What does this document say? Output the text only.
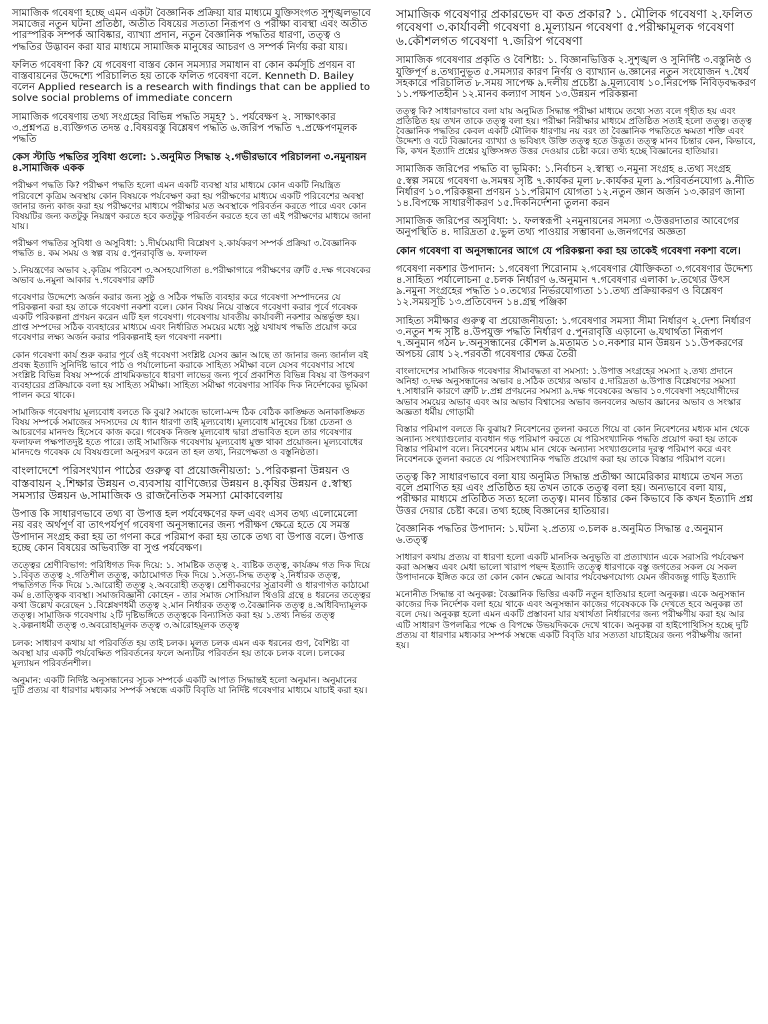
সামাজিক গবেষণা হচ্ছে এমন একটা বৈজ্ঞানিক প্রক্রিয়া যার মাধ্যমে যুক্তিসংগত সুশৃঙ্খলভাবে সমাজের নতুন ঘটনা প্রতিষ্ঠা, অতীত বিষয়ের সত্যতা নিরূপণ ও পরীক্ষা ব্যবস্থা এবং অতীত পারস্পরিক সম্পর্ক আবিষ্কার, ব্যাখ্যা প্রদান, নতুন বৈজ্ঞানিক পদ্ধতির ধারণা, তত্ত্ব ও পদ্ধতির উদ্ভাবন করা যার মাধ্যমে সামাজিক মানুষের আচরণ ও সম্পর্ক নির্ণয় করা যায়।

ফলিত গবেষণা কি? যে গবেষণা বাস্তব কোন সমস্যার সমাধান বা কোন কর্মসূচি প্রণয়ন বা বাস্তবায়নের উদ্দেশ্যে পরিচালিত হয় তাকে ফলিত গবেষণা বলে. Kenneth D. Bailey বলেন Applied research is a research with findings that can be applied to solve social problems of immediate concern

সামাজিক গবেষণায় তথ্য সংগ্রহের বিভিন্ন পদ্ধতি সমূহ? ১. পর্যবেক্ষণ ২. সাক্ষাৎকার ৩.প্রশ্নপত্র ৪.ব্যক্তিগত তদন্ত ৫.বিষয়বস্তু বিশ্লেষণ পদ্ধতি ৬.জরিপ পদ্ধতি ৭.প্রক্ষেপণমূলক পদ্ধতি

কেস স্টাডি পদ্ধতির সুবিধা গুলো: ১.অনুমিত সিদ্ধান্ত ২.গভীরভাবে পরিচালনা ৩.নমুনায়ন ৪.সামাজিক একক

পরীক্ষণ পদ্ধতি কি? পরীক্ষণ পদ্ধতি হলো এমন একটি ব্যবস্থা যার মাধ্যমে কোন একটি নিয়ন্ত্রিত পরিবেশে কৃত্রিম অবস্থায় কোন বিষয়কে পর্যবেক্ষণ করা হয় পরীক্ষণের মাধ্যমে একটি পরিবেশের অবস্থা জানার জন্য কাজ করা হয় পরীক্ষণের মাধ্যমে পরীক্ষার মত অবস্থাকে পরিবর্তন করতে পারে এবং কোন বিষয়টির জন্য কতটুকু নিয়ন্ত্রণ করতে হবে কতটুকু পরিবর্তন করতে হবে তা এই পরীক্ষণের মাধ্যমে জানা যায়।

পরীক্ষণ পদ্ধতির সুবিধা ও অসুবিধা: ১.দীর্ঘমেয়াদী বিশ্লেষণ ২.কার্যকরণ সম্পর্ক প্রক্রিয়া ৩.বৈজ্ঞানিক পদ্ধতি ৪. কম সময় ও স্বল্প ব্যয় ৫.পুনরাবৃত্তি ৬. ফলাফল

১.নিয়ন্ত্রণের অভাব ২.কৃত্রিম পরিবেশ ৩.অসহযোগিতা ৪.পরীক্ষাগারে পরীক্ষণের ত্রুটি ৫.দক্ষ গবেষকের অভাব ৬.নমুনা আকার ৭.গবেষণার ত্রুটি

গবেষণার উদ্দেশ্যে অর্জন করার জন্য সুষ্ঠু ও সঠিক পদ্ধতি ব্যবহার করে গবেষণা সম্পাদনের যে পরিকল্পনা করা হয় তাকে গবেষণা নকশা বলে। কোন বিষয় নিয়ে বাস্তবে গবেষণা করার পূর্বে গবেষক একটি পরিকল্পনা প্রণয়ন করেন এটি হল গবেষণা। গবেষণায় যাবতীয় কার্যাবলী নকশার অন্তর্ভুক্ত হয়। প্রাপ্ত সম্পদের সঠিক ব্যবহারের মাধ্যমে এবং নির্ধারিত সময়ের মধ্যে সুষ্ঠু যথাযথ পদ্ধতি প্রয়োগ করে গবেষণার লক্ষ্য অর্জন করার পরিকল্পনাই হল গবেষণা নকশা।

কোন গবেষণা কার্য শুরু করার পূর্বে ওই গবেষণা সংশ্লিষ্ট যেসব জ্ঞান আছে তা জানার জন্য জার্নাল বই প্রবন্ধ ইত্যাদি সুনির্দিষ্ট ভাবে পাঠ ও পর্যালোচনা করাকে সাহিত্য সমীক্ষা বলে যেসব গবেষণার সাথে সংশ্লিষ্ট বিভিন্ন বিষয় সম্পর্কে প্রাথমিকভাবে ধারণা লাভের জন্য পূর্বে প্রকাশিত বিভিন্ন বিষয় বা উপকরণ ব্যবহারের প্রক্রিয়াকে বলা হয় সাহিত্য সমীক্ষা। সাহিত্য সমীক্ষা গবেষণার সার্বিক দিক নির্দেশকের ভূমিকা পালন করে থাকে।

সামাজিক গবেষণায় মূল্যবোধ বলতে কি বুঝ? সমাজে ভালো-মন্দ ঠিক বেঠিক কাঙ্ক্ষিত অনাকাঙ্ক্ষিত বিষয় সম্পর্কে সমাজের সদস্যদের যে ধ্যান ধারণা তাই মূল্যবোধ। মূল্যবোধ মানুষের চিন্তা চেতনা ও আচরণের মানদণ্ড হিসেবে কাজ করে। গবেষক নিজস্ব মূল্যবোধ দ্বারা প্রভাবিত হলে তার গবেষণার ফলাফল পক্ষপাতদুষ্ট হতে পারে। তাই সামাজিক গবেষণায় মূল্যবোধ মুক্ত থাকা প্রয়োজন। মূল্যবোধের মানদণ্ডে গবেষক যে বিষয়গুলো অনুসরণ করেন তা হল তথ্য, নিরপেক্ষতা ও বস্তুনিষ্ঠতা।

বাংলাদেশে পরিসংখ্যান পাঠের গুরুত্ব বা প্রয়োজনীয়তা: ১.পরিকল্পনা উন্নয়ন ও বাস্তবায়ন ২.শিক্ষার উন্নয়ন ৩.ব্যবসায় বাণিজ্যের উন্নয়ন ৪.কৃষির উন্নয়ন ৫.স্বাস্থ্য সমস্যার উন্নয়ন ৬.সামাজিক ও রাজনৈতিক সমস্যা মোকাবেলায়

উপাত্ত কি সাধারণভাবে তথ্য বা উপাত্ত হল পর্যবেক্ষণের ফল এবং এসব তথ্য এলোমেলো নয় বরং অর্থপূর্ণ বা তাৎপর্যপূর্ণ গবেষণা অনুসন্ধানের জন্য পরীক্ষণ ক্ষেত্রে হতে যে সমস্ত উপাদান সংগ্রহ করা হয় তা গণনা করে পরিমাপ করা হয় তাকে তথ্য বা উপাত্ত বলে। উপাত্ত হচ্ছে কোন বিষয়ের অভিব্যক্তি বা সুপ্ত পর্যবেক্ষণ।

তত্ত্বের শ্রেণীবিভাগ: পরিধিগত দিক দিয়ে: ১. সামষ্টিক তত্ত্ব ২. ব্যষ্টিক তত্ত্ব, কার্যক্রম গত দিক দিয়ে ১.বিবৃত তত্ত্ব ২.গতিশীল তত্ত্ব, কাঠামোগত দিক দিয়ে ১.সত্য-সিদ্ধ তত্ত্ব ২.নিৰ্ধারক তত্ত্ব, পদ্ধতিগত দিক দিয়ে ১.আরোহী তত্ত্ব ২.অবরোহী তত্ত্ব। শ্রেণীকরণের সুত্রাবলী ও ধারণাগত কাঠামো কর্ম ৪.তাত্ত্বিক ব্যবস্থা। সমাজবিজ্ঞানী কোহেন - তার সমাজ সোসিয়াল থিওরি গ্রন্থে ৪ ধরনের তত্ত্বের কথা উল্লেখ করেছেন ১.বিশ্লেষণধর্মী তত্ত্ব ২.মান নির্ধারক তত্ত্ব ৩.বৈজ্ঞানিক তত্ত্ব ৪.অধিবিদ্যামূলক তত্ত্ব। সামাজিক গবেষণায় ২টি দৃষ্টিভঙ্গিতে তত্ত্বকে বিন্যাসিত করা হয় ১.তথ্য নির্ভর তত্ত্ব ২.কল্পনাধর্মী তত্ত্ব ৩.অবরোহামূলক তত্ত্ব ৩.আরোহমূলক তত্ত্ব

চলক: সাধারণ কথায় যা পরিবর্তিত হয় তাই চলক। মূলত চলক এমন এক ধরনের গুণ, বৈশিষ্ট্য বা অবস্থা যার একটি পর্যবেক্ষিত পরিবর্তনের ফলে অন্যটির পরিবর্তন হয় তাকে চলক বলে। চলকের মূল্যায়ন পরিবর্তনশীল।

অনুমান: একটি নির্দিষ্ট অনুসন্ধানের সূচক সম্পর্কে একটি আপাত সিদ্ধান্তই হলো অনুমান। অনুমানের দুটি প্রত্যয় বা ধারণার মধ্যকার সম্পর্ক সম্বন্ধে একটি বিবৃতি যা নির্দিষ্ট গবেষণার মাধ্যমে যাচাই করা হয়।

সামাজিক গবেষণার প্রকারভেদ বা কত প্রকার? ১. মৌলিক গবেষণা ২.ফলিত গবেষণা ৩.কার্যাবলী গবেষণা ৪.মূল্যায়ন গবেষণা ৫.পরীক্ষামূলক গবেষণা ৬.কৌশলগত গবেষণা ৭.জরিপ গবেষণা

সামাজিক গবেষণার প্রকৃতি ও বৈশিষ্ট্য: ১. বিজ্ঞানভিত্তিক ২.সুশৃঙ্খল ও সুনির্দিষ্ট ৩.বস্তুনিষ্ঠ ও যুক্তিপূর্ণ ৪.তথ্যানুভূত ৫.সমস্যার কারণ নির্ণয় ও ব্যাখ্যান ৬.জ্ঞানের নতুন সংযোজন ৭.ধৈর্য সহকারে পরিচালিত ৮.সময় সাপেক্ষ ৯.দলীয় প্রচেষ্টা ৯.মূল্যবোধ ১০.নিরপেক্ষ নিবিড়বদ্ধকরণ ১১.পক্ষপাতহীন ১২.মানব কল্যাণ সাধন ১৩.উন্নয়ন পরিকল্পনা

তত্ত্ব কি? সাধারণভাবে বলা যায় অনুমিত সিদ্ধান্ত পরীক্ষা মাধ্যমে তথ্যে সত্য বলে গৃহীত হয় এবং প্রতিষ্ঠিত হয় তখন তাকে তত্ত্ব বলা হয়। পরীক্ষা নিরীক্ষার মাধ্যমে প্রতিষ্ঠিত সত্যই হলো তত্ত্ব। তত্ত্ব বৈজ্ঞানিক পদ্ধতির কেবল একটি মৌলিক ধারণায় নয় বরং তা বৈজ্ঞানিক পদ্ধতিতে ক্ষমতা শক্তি এবং উদ্দেশ্য ও বটে বিজ্ঞানের ব্যাখ্যা ও ভবিষ্যৎ উক্তি তত্ত্ব হতে উদ্ভূত। তত্ত্ব মানব চিন্তার কেন, কিভাবে, কি, কখন ইত্যাদি প্রশ্নের যুক্তিসঙ্গত উত্তর দেওয়ার চেষ্টা করে। তথ্য হচ্ছে বিজ্ঞানের হাতিয়ার।

সামাজিক জরিপের পদ্ধতি বা ভূমিকা: ১.নির্বাচন ২.স্বাস্থ্য ৩.নমুনা সংগ্রহ ৪.তথ্য সংগ্রহ ৫.স্বল্প সময়ে গবেষণা ৬.সমন্বয় সৃষ্টি ৭.কার্যকর মূল্য ৮.কার্যকর মূল্য ৯.পরিবর্তনযোগ্য ৯.নীতি নির্ধারণ ১০.পরিকল্পনা প্রণয়ন ১১.পরিমাণ যোগতা ১২.নতুন জ্ঞান অর্জন ১৩.কারণ জানা ১৪.বিপক্ষে সাধারণীকরণ ১৫.দিকনির্দেশনা তুলনা করন

সামাজিক জরিপের অসুবিধা: ১. ফলস্বরূপী ২নমুনায়নের সমস্যা ৩.উত্তরদাতার আবেগের অনুপস্থিতি ৪. দারিদ্রতা ৫.ভুল তথ্য পাওয়ার সম্ভাবনা ৬.জনগণের অজ্ঞতা

কোন গবেষণা বা অনুসন্ধানের আগে যে পরিকল্পনা করা হয় তাকেই গবেষণা নকশা বলে।

গবেষণা নকশার উপাদান: ১.গবেষণা শিরোনাম ২.গবেষণার যৌক্তিকতা ৩.গবেষণার উদ্দেশ্য ৪.সাহিত্য পর্যালোচনা ৫.চলক নির্ধারণ ৬.অনুমান ৭.গবেষণার এলাকা ৮.তথ্যের উৎস ৯.নমুনা সংগ্রহের পদ্ধতি ১০.তথ্যের নির্ভরযোগ্যতা ১১.তথ্য প্রক্রিয়াকরণ ও বিশ্লেষণ ১২.সময়সূচি ১৩.প্রতিবেদন ১৪.গ্রন্থ পঞ্জিকা

সাহিত্য সমীক্ষার গুরুত্ব বা প্রয়োজনীয়তা: ১.গবেষণার সমস্যা সীমা নির্ধারণ ২.দেশ্য নির্ধারণ ৩.নতুন শব্দ সৃষ্টি ৪.উপযুক্ত পদ্ধতি নির্ধারণ ৫.পুনরাবৃত্তি এড়ানো ৬.যথার্থতা নিরূপণ ৭.অনুমান গঠন ৮.অনুসন্ধানের কৌশল ৯.মতামত ১০.নকশার মান উন্নয়ন ১১.উপকরণের অপচয় রোধ ১২.পরবর্তী গবেষণার ক্ষেত্র তৈরী

বাংলাদেশের সামাজিক গবেষণার সীমাবদ্ধতা বা সমস্যা: ১.উপাত্ত সংগ্রহের সমস্যা ২.তথ্য প্রদানে অনিহা ৩.দক্ষ অনুসন্ধানের অভাব ৪.সঠিক তথ্যের অভাব ৫.দারিদ্রতা ৬.উপাত্ত বিশ্লেষণের সমস্যা ৭.সাধারনি কারণে ত্রুটি ৮.প্রশ্ন প্রণয়নের সমস্যা ৯.দক্ষ গবেষকের অভাব ১০.গবেষণা সহযোগীদের অভাব সময়ের অভাব এবং আর অভাব বিশ্বাসের অভাব জনবলের অভাব জ্ঞানের অভাব ও সংস্কার অজ্ঞতা ধর্মীয় গোড়ামী

বিস্তার পরিমাপ বলতে কি বুঝায়? নিবেশনের তুলনা করতে গিয়ে বা কোন নিবেশনের মধ্যক মান থেকে অন্যান্য সংখ্যাগুলোর ব্যবধান গড় পরিমাপ করতে যে পরিসংখ্যানিক পদ্ধতি প্রয়োগ করা হয় তাকে বিস্তার পরিমাপ বলে। নিবেশনের মধ্যম মান থেকে অন্যান্য সংখ্যাগুলোর দূরত্ব পরিমাপ করে এবং নিবেশনকে তুলনা করতে যে পরিসংখ্যানিক পদ্ধতি প্রয়োগ করা হয় তাকে বিস্তার পরিমাপ বলে।

তত্ত্ব কি? সাধারণভাবে বলা যায় অনুমিত সিদ্ধান্ত প্রতীক্ষা আমেরিকার মাধ্যমে তখন সত্য বলে প্রমাণিত হয় এবং প্রতিষ্ঠিত হয় তখন তাকে তত্ত্ব বলা হয়। অন্যভাবে বলা যায়, পরীক্ষার মাধ্যমে প্রতিষ্ঠিত সত্য হলো তত্ত্ব। মানব চিন্তার কেন কিভাবে কি কখন ইত্যাদি প্রশ্ন উত্তর দেয়ার চেষ্টা করে। তথ্য হচ্ছে বিজ্ঞানের হাতিয়ার।

বৈজ্ঞানিক পদ্ধতির উপাদান: ১.ঘটনা ২.প্রত্যয় ৩.চলক ৪.অনুমিত সিদ্ধান্ত ৫.অনুমান ৬.তত্ত্ব

সাধারণ কথায় প্রত্যয় বা ধারণা হলো একটি মানসিক অনুভূতি বা প্রত্যাখ্যান একে সরাসরি পর্যবেক্ষণ করা অসম্ভব এবং মেধা ভালো খারাপ পছন্দ ইত্যাদি তত্ত্বে ধারণাকে বস্তু জগতের সকল যে সকল উপাদানকে ইঙ্গিত করে তা কোন কোন ক্ষেত্রে আবার পর্যবেক্ষণযোগ্য যেমন জীবজন্তু গাড়ি ইত্যাদি

মনোনীত সিদ্ধান্ত বা অনুকল্প: বৈজ্ঞানিক ভিত্তির একটি নতুন হাতিয়ার হলো অনুকল্প। একে অনুসন্ধান কাজের দিক নির্দেশক বলা হয়ে থাকে এবং অনুসন্ধান কাজের গবেষককে কি দেখতে হবে অনুকল্প তা বলে দেয়। অনুকল্প হলো এমন একটি প্রস্তাবনা যার যথার্থতা নির্ধারণের জন্য পরীক্ষণীয় করা হয় আর এটি সাধারণ উপলব্ধির পক্ষে ও বিপক্ষে উভয়দিককে দেখে থাকে। অনুকল্প বা হাইপোথিসিস হচ্ছে দুটি প্রত্যয় বা ধারণার মধ্যকার সম্পর্ক সম্বন্ধে একটি বিবৃতি যার সত্যতা যাচাইয়ের জন্য পরীক্ষণীয় জানা হয়।
